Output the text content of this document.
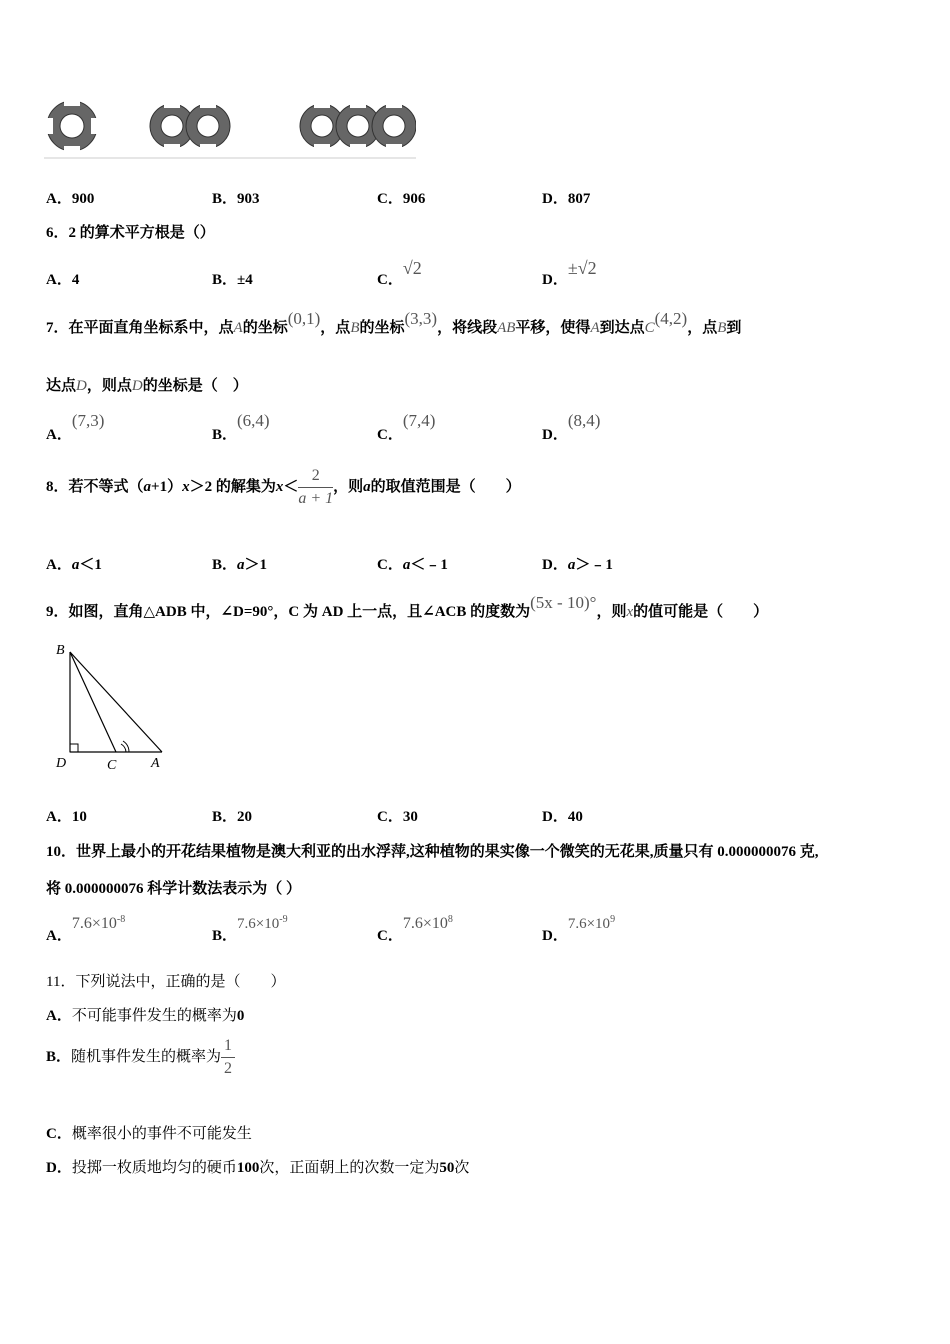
A．900	B．903	C．906	D．807
6．2 的算术平方根是（）
A．4	B．±4	C．√2
D．±√2
7．在平面直角坐标系中，点A的坐标(0,1)，点B的坐标(3,3)，将线段AB平移，使得A到达点C(4,2)，点B到
达点D，则点D的坐标是（　）
A．(7,3)
B．(6,4)
C．(7,4)
D．(8,4)
8．若不等式（a+1）x＞2 的解集为$x< \frac{2}{a + 1}$ ，则a的取值范围是（　　）
A．a＜1	B．a＞1	C．a＜﹣1	D．a＞﹣1
9．如图，直角△ADB 中，∠D=90°，C 为 AD 上一点，且∠ACB 的度数为(5x - 10)°，则x的值可能是（　　）
B
D	C A
A．10	B．20	C．30	D．40
10．世界上最小的开花结果植物是澳大利亚的出水浮萍,这种植物的果实像一个微笑的无花果,质量只有 0.000000076 克,
将 0.000000076 科学计数法表示为（ ）
A．$7.6\times 10^{-8}$
B．$7.6\times 10^{-9}$
C．$7.6\times 10^8$
D．$7.6\times 10^9$
11．下列说法中，正确的是（　　）
A．不可能事件发生的概率为0
B．随机事件发生的概率为 $\frac{1}{2}$
C．概率很小的事件不可能发生
D．投掷一枚质地均匀的硬币100次，正面朝上的次数一定为50次
